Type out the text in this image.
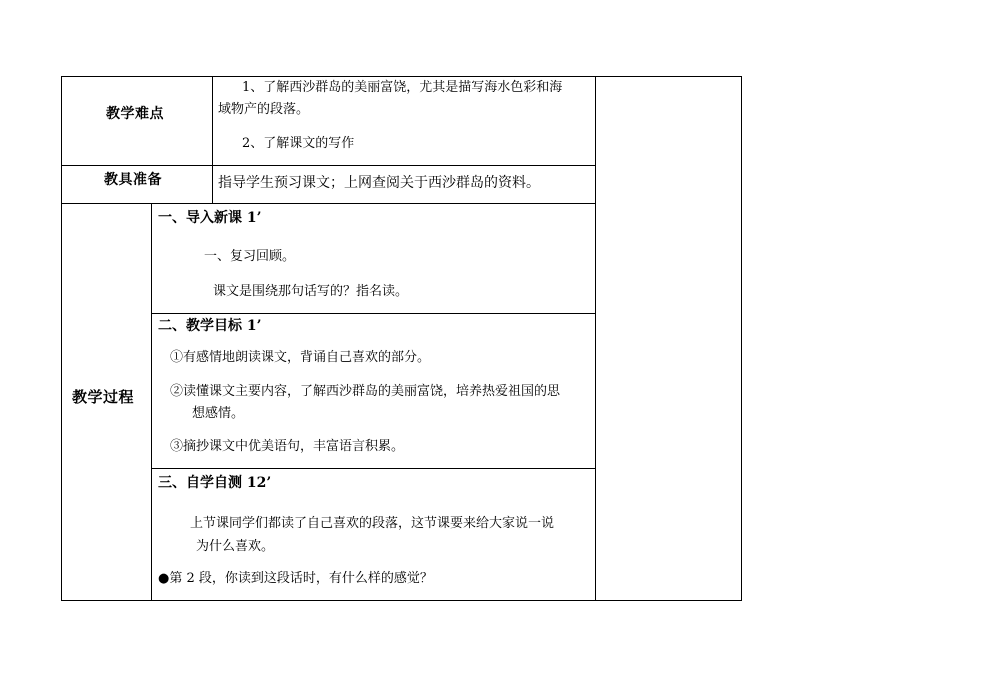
教学难点
1、了解西沙群岛的美丽富饶，尤其是描写海水色彩和海
域物产的段落。
2、了解课文的写作
教具准备	指导学生预习课文；上网查阅关于西沙群岛的资料。
教学过程
一、导入新课 1’
一、复习回顾。
课文是围绕那句话写的？指名读。
二、教学目标 1’
①有感情地朗读课文，背诵自己喜欢的部分。
②读懂课文主要内容，了解西沙群岛的美丽富饶，培养热爱祖国的思
想感情。
③摘抄课文中优美语句，丰富语言积累。
三、自学自测 12’
上节课同学们都读了自己喜欢的段落，这节课要来给大家说一说
为什么喜欢。
●第 2 段，你读到这段话时，有什么样的感觉？
